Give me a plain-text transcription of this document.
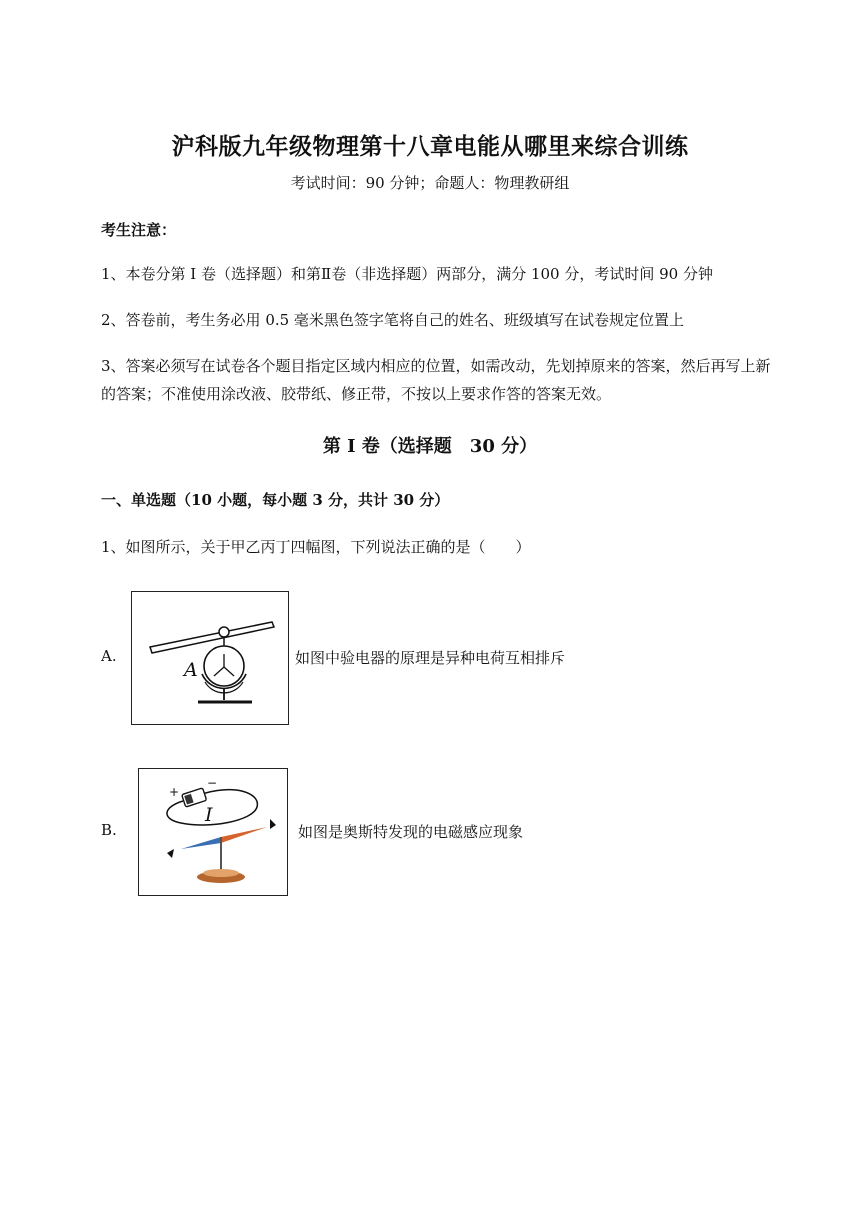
沪科版九年级物理第十八章电能从哪里来综合训练
考试时间：90 分钟；命题人：物理教研组
考生注意：
1、本卷分第 I 卷（选择题）和第Ⅱ卷（非选择题）两部分，满分 100 分，考试时间 90 分钟
2、答卷前，考生务必用 0.5 毫米黑色签字笔将自己的姓名、班级填写在试卷规定位置上
3、答案必须写在试卷各个题目指定区域内相应的位置，如需改动，先划掉原来的答案，然后再写上新
的答案；不准使用涂改液、胶带纸、修正带，不按以上要求作答的答案无效。
第 I 卷（选择题　30 分）
一、单选题（10 小题，每小题 3 分，共计 30 分）
1、如图所示，关于甲乙丙丁四幅图，下列说法正确的是（　　）
A.
A
如图中验电器的原理是异种电荷互相排斥
B.
+
−
I
如图是奥斯特发现的电磁感应现象
